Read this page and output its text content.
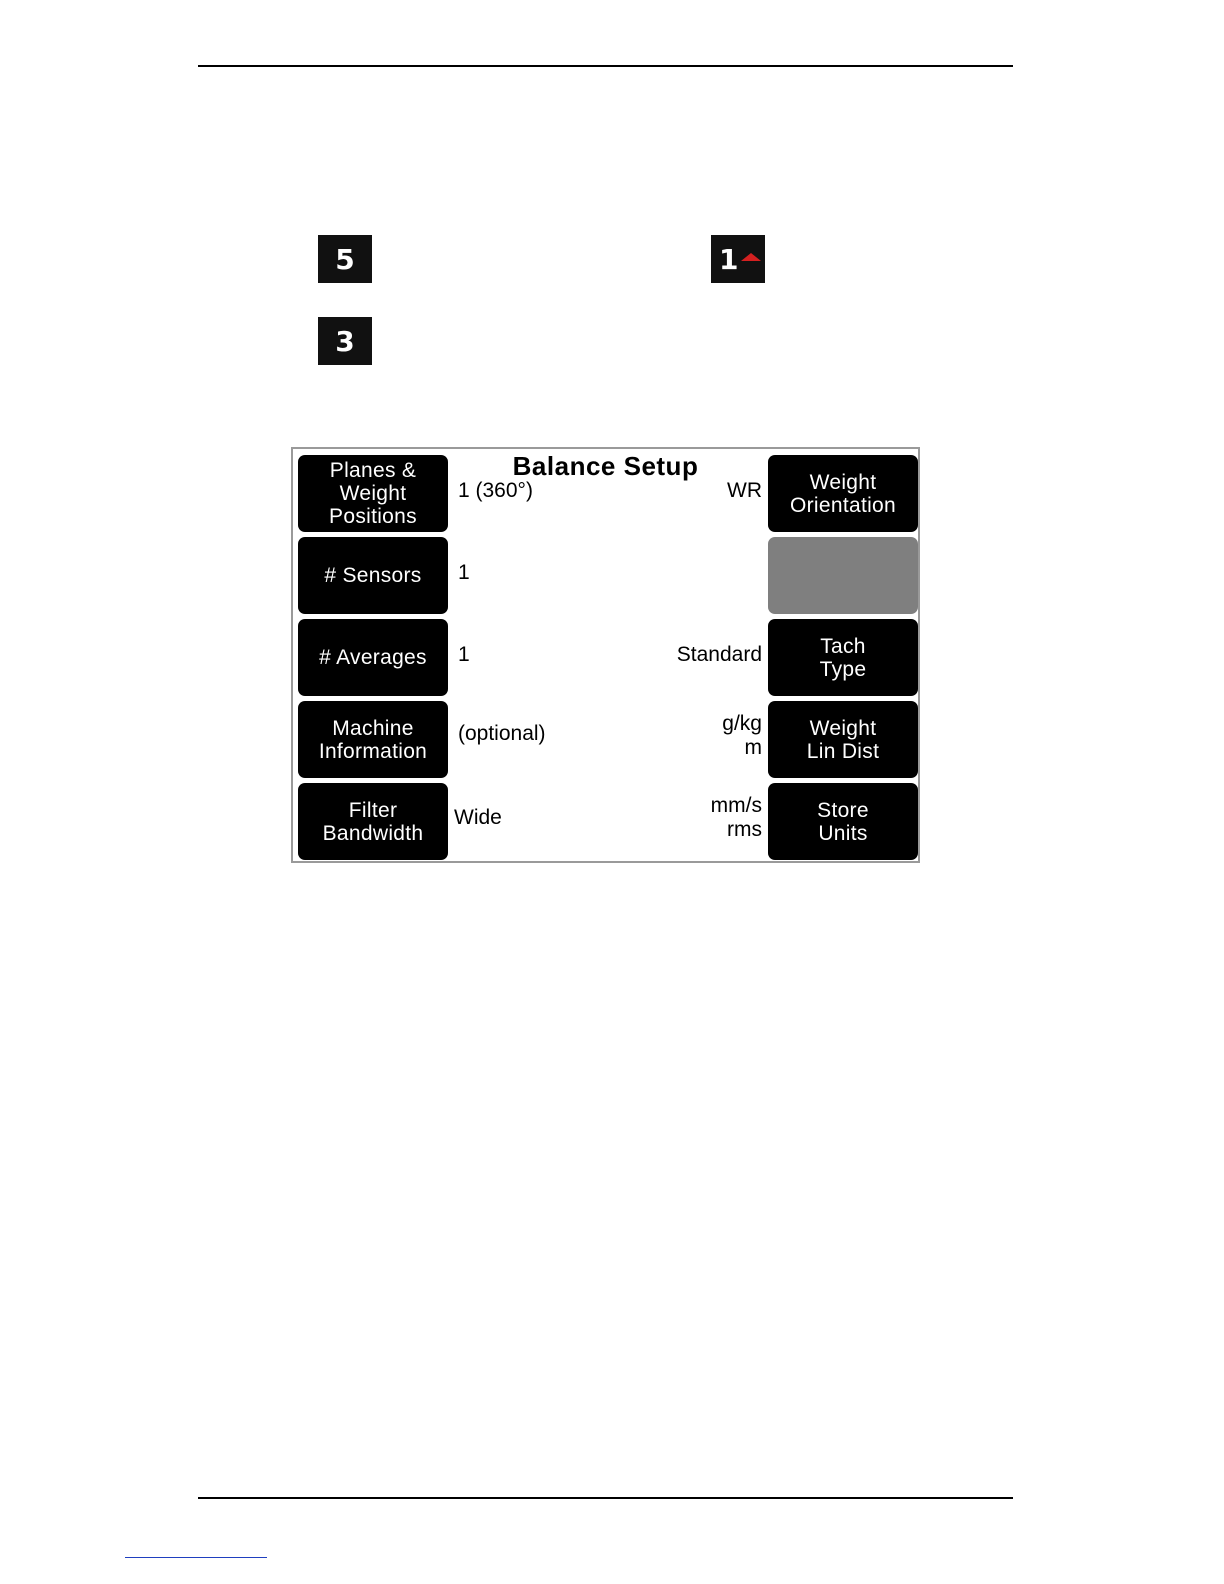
5
3
1
Balance Setup
Planes &
Weight
Positions
# Sensors
# Averages
Machine
Information
Filter
Bandwidth
1 (360°)
1
1
(optional)
Wide
WR
Standard
g/kg
m
mm/s
rms
Weight
Orientation
Tach
Type
Weight
Lin Dist
Store
Units
